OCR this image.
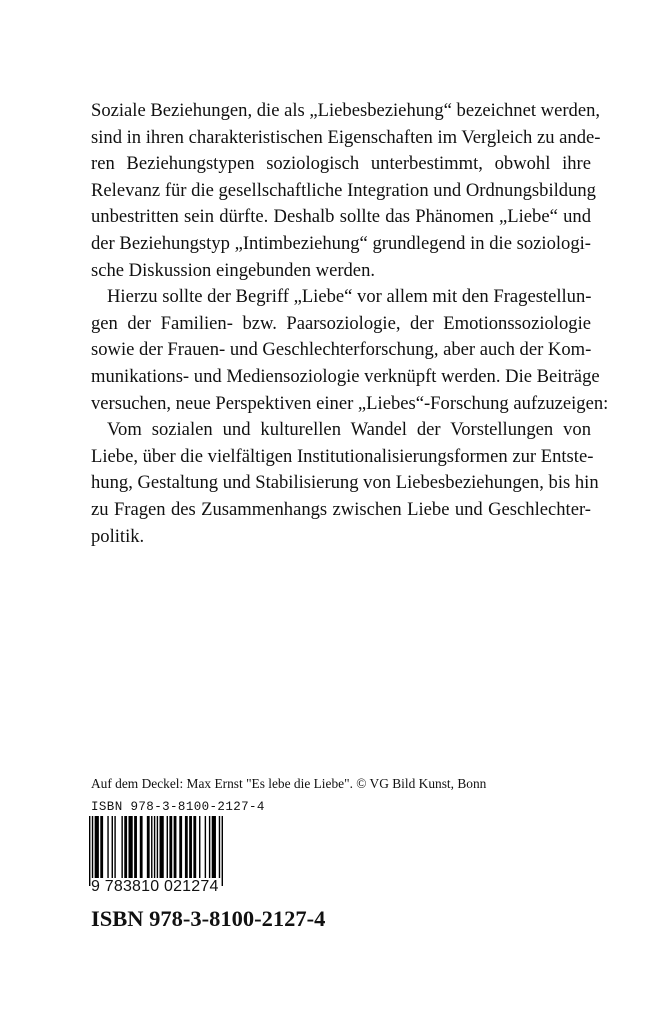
Soziale Beziehungen, die als „Liebesbeziehung“ bezeichnet werden,
sind in ihren charakteristischen Eigenschaften im Vergleich zu ande-
ren Beziehungstypen soziologisch unterbestimmt, obwohl ihre
Relevanz für die gesellschaftliche Integration und Ordnungsbildung
unbestritten sein dürfte. Deshalb sollte das Phänomen „Liebe“ und
der Beziehungstyp „Intimbeziehung“ grundlegend in die soziologi-
sche Diskussion eingebunden werden.
Hierzu sollte der Begriff „Liebe“ vor allem mit den Fragestellun-
gen der Familien- bzw. Paarsoziologie, der Emotionssoziologie
sowie der Frauen- und Geschlechterforschung, aber auch der Kom-
munikations- und Mediensoziologie verknüpft werden. Die Beiträge
versuchen, neue Perspektiven einer „Liebes“-Forschung aufzuzeigen:
Vom sozialen und kulturellen Wandel der Vorstellungen von
Liebe, über die vielfältigen Institutionalisierungsformen zur Entste-
hung, Gestaltung und Stabilisierung von Liebesbeziehungen, bis hin
zu Fragen des Zusammenhangs zwischen Liebe und Geschlechter-
politik.
Auf dem Deckel: Max Ernst "Es lebe die Liebe". © VG Bild Kunst, Bonn
ISBN 978-3-8100-2127-4
9 783810 021274
ISBN 978-3-8100-2127-4
